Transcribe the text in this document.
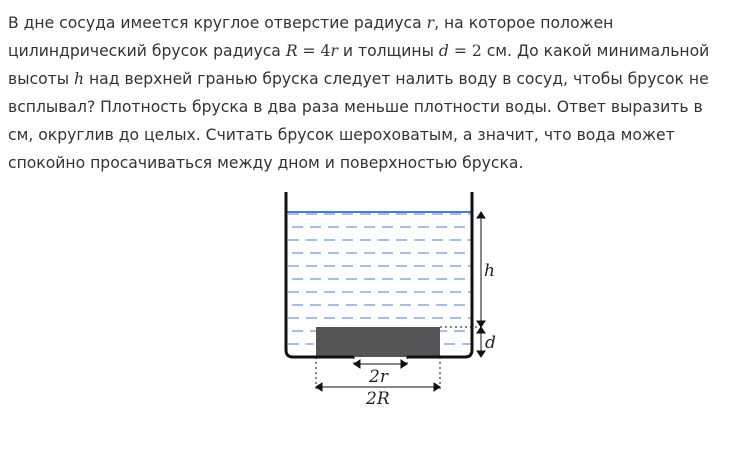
В дне сосуда имеется круглое отверстие радиуса r, на которое положен цилиндрический брусок радиуса R = 4r и толщины d = 2 см. До какой минимальной высоты h над верхней гранью бруска следует налить воду в сосуд, чтобы брусок не всплывал? Плотность бруска в два раза меньше плотности воды. Ответ выразить в см, округлив до целых. Считать брусок шероховатым, а значит, что вода может спокойно просачиваться между дном и поверхностью бруска.

h
d
2r
2R
